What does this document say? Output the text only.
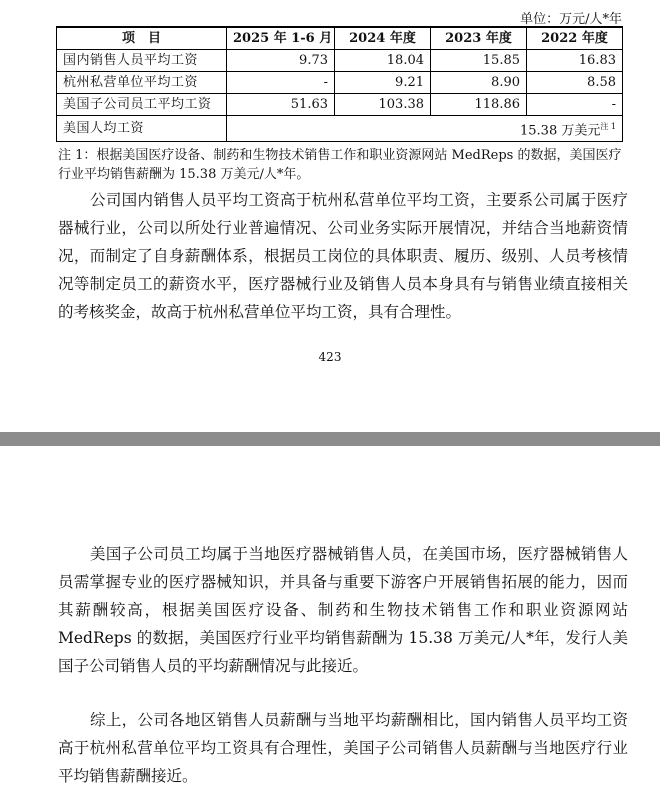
单位：万元/人*年
项　目	2025 年 1-6 月	2024 年度	2023 年度	2022 年度
国内销售人员平均工资	9.73	18.04	15.85	16.83
杭州私营单位平均工资	-	9.21	8.90	8.58
美国子公司员工平均工资	51.63	103.38	118.86	-
美国人均工资	15.38 万美元$^{注 1}$
注 1：根据美国医疗设备、制药和生物技术销售工作和职业资源网站 MedReps 的数据，美国医疗行业平均销售薪酬为 15.38 万美元/人*年。

公司国内销售人员平均工资高于杭州私营单位平均工资，主要系公司属于医疗器械行业，公司以所处行业普遍情况、公司业务实际开展情况，并结合当地薪资情况，而制定了自身薪酬体系，根据员工岗位的具体职责、履历、级别、人员考核情况等制定员工的薪资水平，医疗器械行业及销售人员本身具有与销售业绩直接相关的考核奖金，故高于杭州私营单位平均工资，具有合理性。

423

美国子公司员工均属于当地医疗器械销售人员，在美国市场，医疗器械销售人员需掌握专业的医疗器械知识，并具备与重要下游客户开展销售拓展的能力，因而其薪酬较高，根据美国医疗设备、制药和生物技术销售工作和职业资源网站 MedReps 的数据，美国医疗行业平均销售薪酬为 15.38 万美元/人*年，发行人美国子公司销售人员的平均薪酬情况与此接近。

综上，公司各地区销售人员薪酬与当地平均薪酬相比，国内销售人员平均工资高于杭州私营单位平均工资具有合理性，美国子公司销售人员薪酬与当地医疗行业平均销售薪酬接近。
